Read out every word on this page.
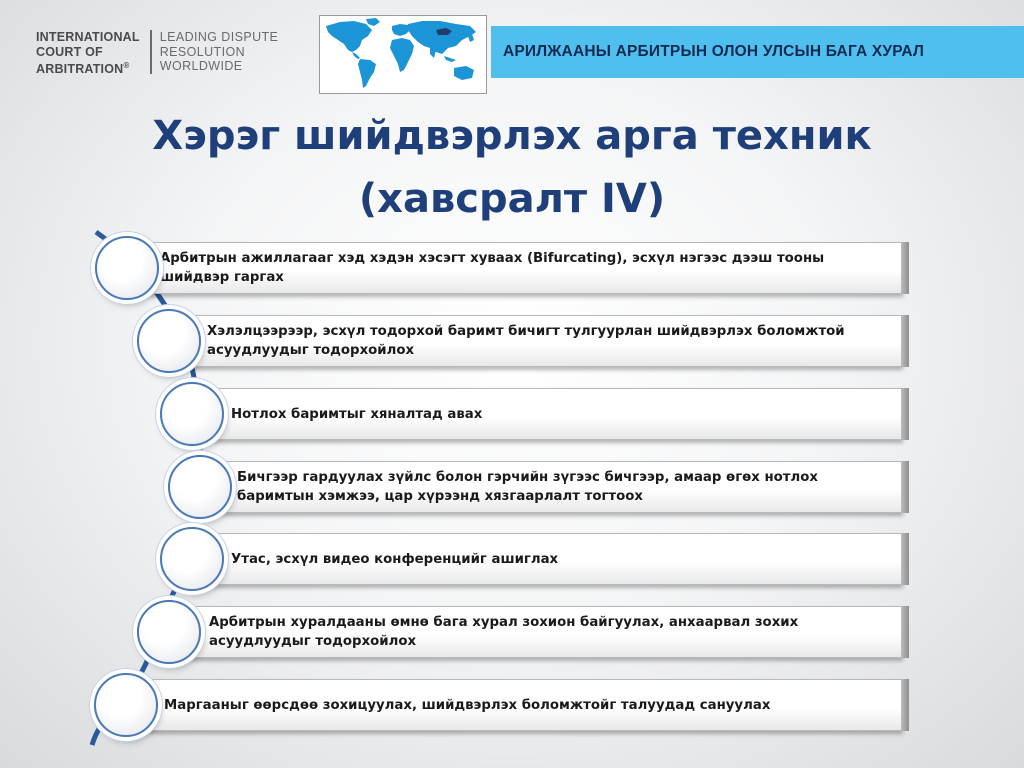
INTERNATIONAL
COURT OF
ARBITRATION®
LEADING DISPUTE
RESOLUTION
WORLDWIDE
АРИЛЖААНЫ АРБИТРЫН ОЛОН УЛСЫН БАГА ХУРАЛ
Хэрэг шийдвэрлэх арга техник
(хавсралт IV)
Арбитрын ажиллагааг хэд хэдэн хэсэгт хуваах (Bifurcating), эсхүл нэгээс дээш тооны шийдвэр гаргах
Хэлэлцээрээр, эсхүл тодорхой баримт бичигт тулгуурлан шийдвэрлэх боломжтой асуудлуудыг тодорхойлох
Нотлох баримтыг хяналтад авах
Бичгээр гардуулах зүйлс болон гэрчийн зүгээс бичгээр, амаар өгөх нотлох баримтын хэмжээ, цар хүрээнд хязгаарлалт тогтоох
Утас, эсхүл видео конференцийг ашиглах
Арбитрын хуралдааны өмнө бага хурал зохион байгуулах, анхаарвал зохих асуудлуудыг тодорхойлох
Маргааныг өөрсдөө зохицуулах, шийдвэрлэх боломжтойг талуудад сануулах
